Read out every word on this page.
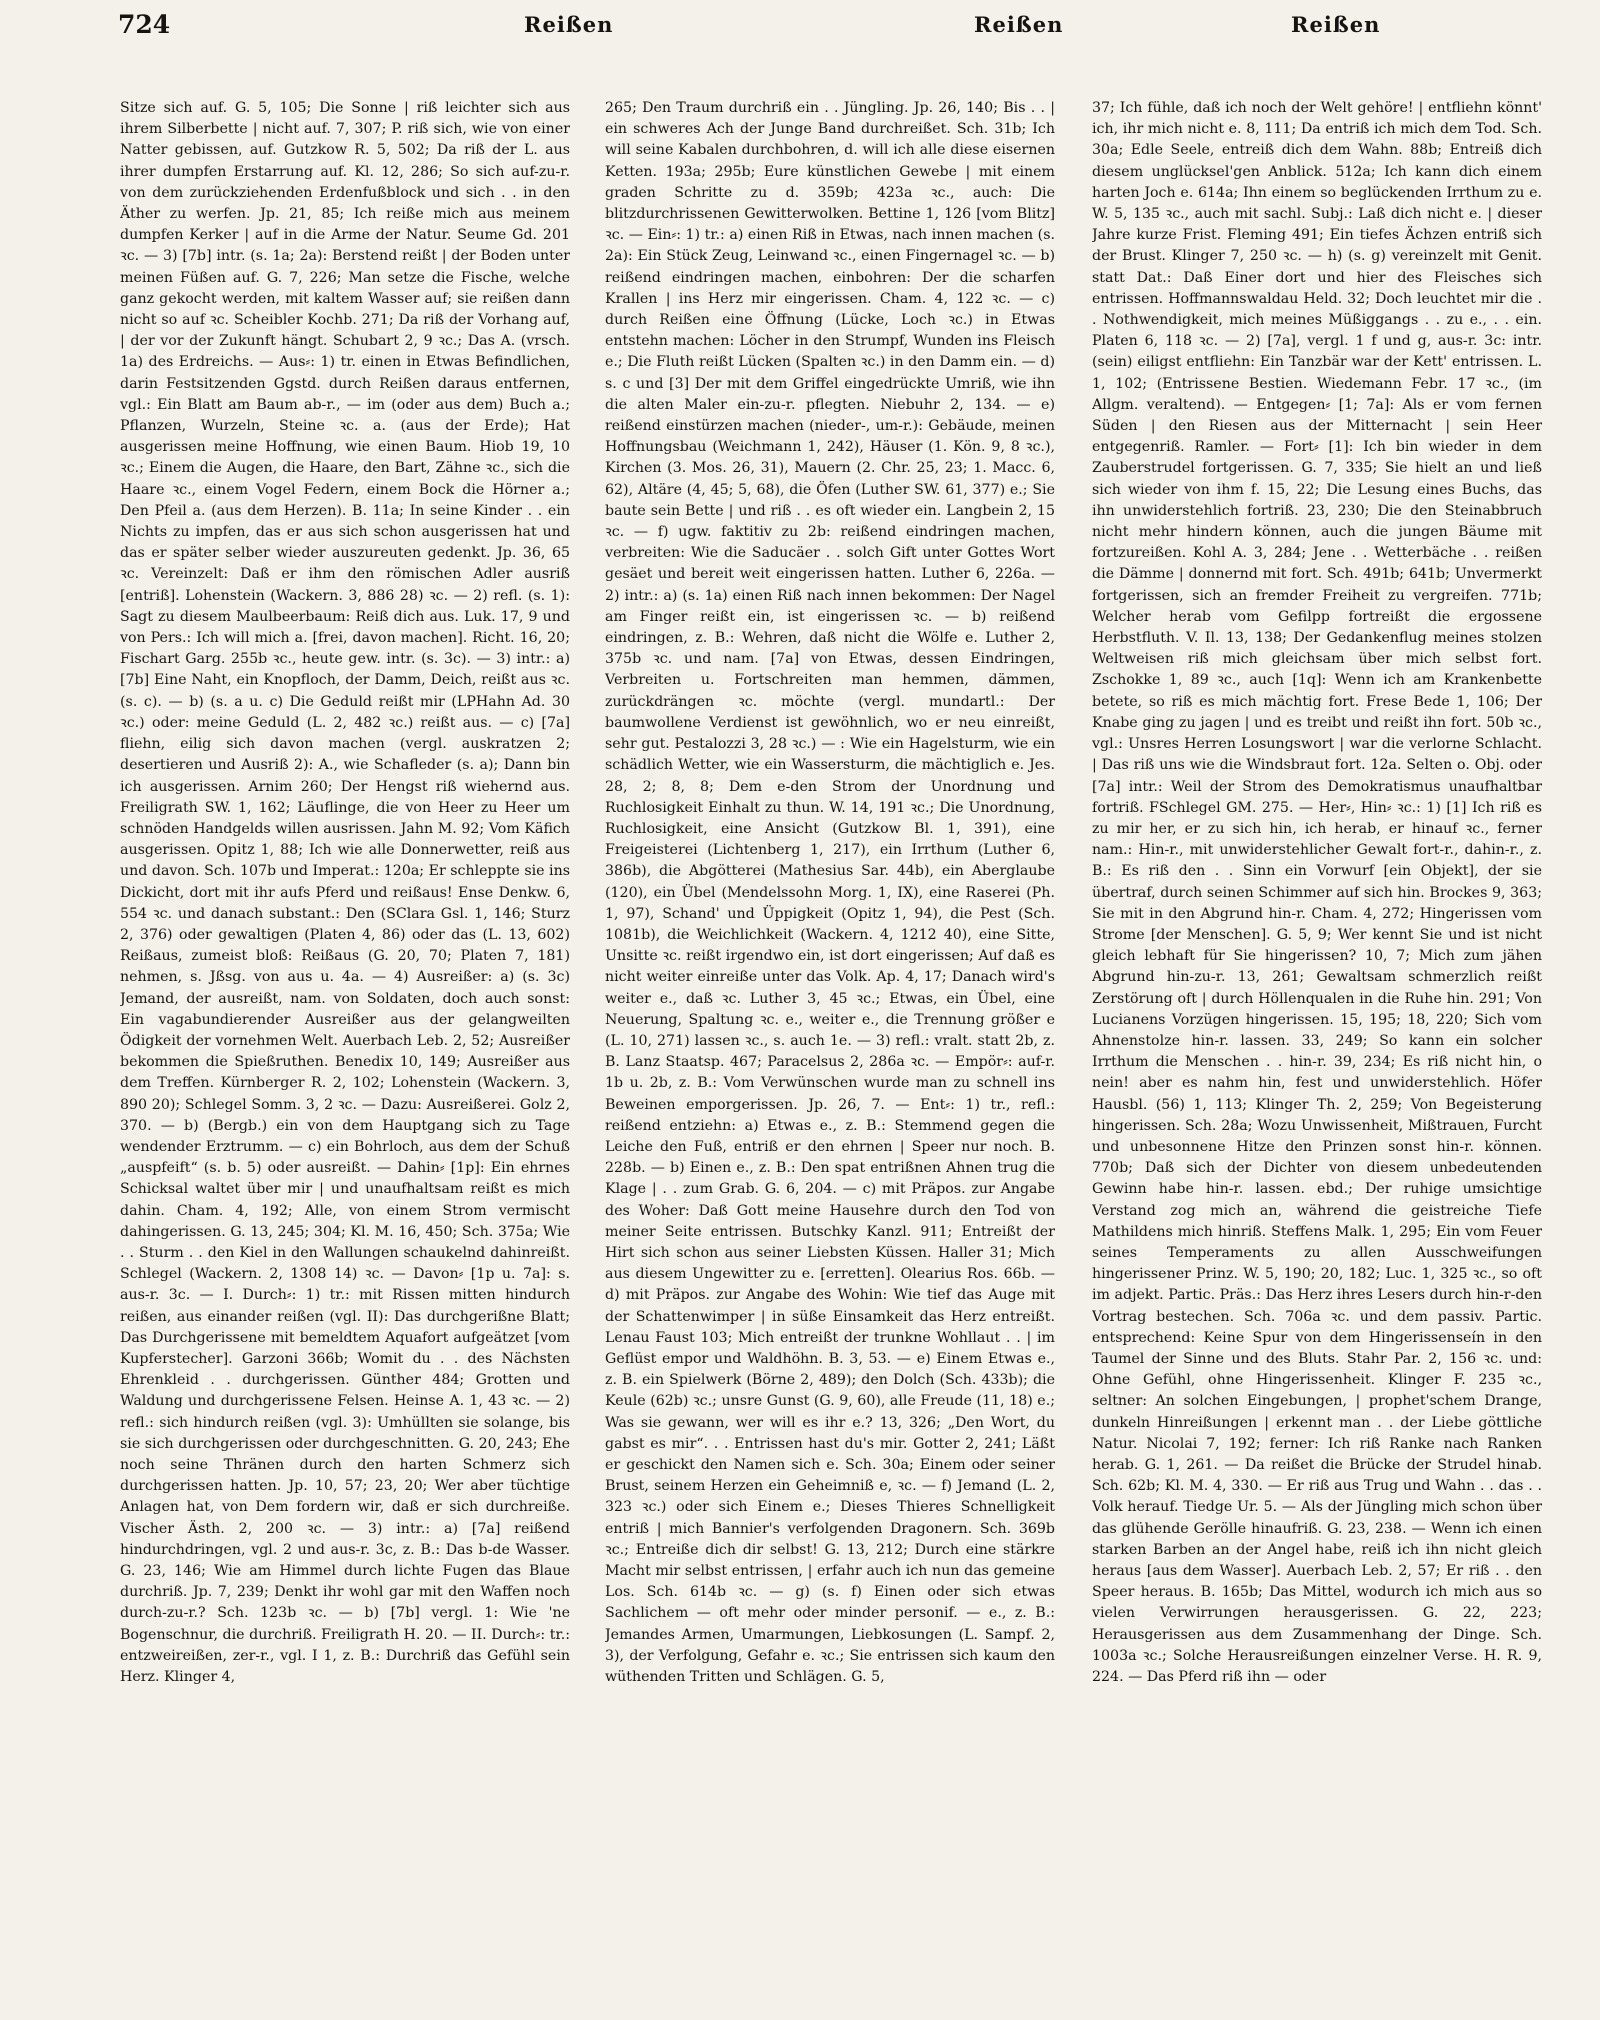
724	Reißen	Reißen	Reißen

Sitze sich auf. G. 5, 105; Die Sonne | riß leichter sich aus ihrem Silberbette | nicht auf. 7, 307; P. riß sich, wie von einer Natter gebissen, auf. Gutzkow R. 5, 502; Da riß der L. aus ihrer dumpfen Erstarrung auf. Kl. 12, 286; So sich auf-zu-r. von dem zurückziehenden Erdenfußblock und sich . . in den Äther zu werfen. Jp. 21, 85; Ich reiße mich aus meinem dumpfen Kerker | auf in die Arme der Natur. Seume Gd. 201 ꝛc. — 3) [7b] intr. (s. 1a; 2a): Berstend reißt | der Boden unter meinen Füßen auf. G. 7, 226; Man setze die Fische, welche ganz gekocht werden, mit kaltem Wasser auf; sie reißen dann nicht so auf ꝛc. Scheibler Kochb. 271; Da riß der Vorhang auf, | der vor der Zukunft hängt. Schubart 2, 9 ꝛc.; Das A. (vrsch. 1a) des Erdreichs. — Aus⸗: 1) tr. einen in Etwas Befindlichen, darin Festsitzenden Ggstd. durch Reißen daraus entfernen, vgl.: Ein Blatt am Baum ab-r., — im (oder aus dem) Buch a.; Pflanzen, Wurzeln, Steine ꝛc. a. (aus der Erde); Hat ausgerissen meine Hoffnung, wie einen Baum. Hiob 19, 10 ꝛc.; Einem die Augen, die Haare, den Bart, Zähne ꝛc., sich die Haare ꝛc., einem Vogel Federn, einem Bock die Hörner a.; Den Pfeil a. (aus dem Herzen). B. 11a; In seine Kinder . . ein Nichts zu impfen, das er aus sich schon ausgerissen hat und das er später selber wieder auszureuten gedenkt. Jp. 36, 65 ꝛc. Vereinzelt: Daß er ihm den römischen Adler ausriß [entriß]. Lohenstein (Wackern. 3, 886 28) ꝛc. — 2) refl. (s. 1): Sagt zu diesem Maulbeerbaum: Reiß dich aus. Luk. 17, 9 und von Pers.: Ich will mich a. [frei, davon machen]. Richt. 16, 20; Fischart Garg. 255b ꝛc., heute gew. intr. (s. 3c). — 3) intr.: a) [7b] Eine Naht, ein Knopfloch, der Damm, Deich, reißt aus ꝛc. (s. c). — b) (s. a u. c) Die Geduld reißt mir (LPHahn Ad. 30 ꝛc.) oder: meine Geduld (L. 2, 482 ꝛc.) reißt aus. — c) [7a] fliehn, eilig sich davon machen (vergl. auskratzen 2; desertieren und Ausriß 2): A., wie Schafleder (s. a); Dann bin ich ausgerissen. Arnim 260; Der Hengst riß wiehernd aus. Freiligrath SW. 1, 162; Läuflinge, die von Heer zu Heer um schnöden Handgelds willen ausrissen. Jahn M. 92; Vom Käfich ausgerissen. Opitz 1, 88; Ich wie alle Donnerwetter, reiß aus und davon. Sch. 107b und Imperat.: 120a; Er schleppte sie ins Dickicht, dort mit ihr aufs Pferd und reißaus! Ense Denkw. 6, 554 ꝛc. und danach substant.: Den (SClara Gsl. 1, 146; Sturz 2, 376) oder gewaltigen (Platen 4, 86) oder das (L. 13, 602) Reißaus, zumeist bloß: Reißaus (G. 20, 70; Platen 7, 181) nehmen, s. Jßsg. von aus u. 4a. — 4) Ausreißer: a) (s. 3c) Jemand, der ausreißt, nam. von Soldaten, doch auch sonst: Ein vagabundierender Ausreißer aus der gelangweilten Ödigkeit der vornehmen Welt. Auerbach Leb. 2, 52; Ausreißer bekommen die Spießruthen. Benedix 10, 149; Ausreißer aus dem Treffen. Kürnberger R. 2, 102; Lohenstein (Wackern. 3, 890 20); Schlegel Somm. 3, 2 ꝛc. — Dazu: Ausreißerei. Golz 2, 370. — b) (Bergb.) ein von dem Hauptgang sich zu Tage wendender Erztrumm. — c) ein Bohrloch, aus dem der Schuß „auspfeift“ (s. b. 5) oder ausreißt. — Dahin⸗ [1p]: Ein ehrnes Schicksal waltet über mir | und unaufhaltsam reißt es mich dahin. Cham. 4, 192; Alle, von einem Strom vermischt dahingerissen. G. 13, 245; 304; Kl. M. 16, 450; Sch. 375a; Wie . . Sturm . . den Kiel in den Wallungen schaukelnd dahinreißt. Schlegel (Wackern. 2, 1308 14) ꝛc. — Davon⸗ [1p u. 7a]: s. aus-r. 3c. — I. Durch⸗: 1) tr.: mit Rissen mitten hindurch reißen, aus einander reißen (vgl. II): Das durchgerißne Blatt; Das Durchgerissene mit bemeldtem Aquafort aufgeätzet [vom Kupferstecher]. Garzoni 366b; Womit du . . des Nächsten Ehrenkleid . . durchgerissen. Günther 484; Grotten und Waldung und durchgerissene Felsen. Heinse A. 1, 43 ꝛc. — 2) refl.: sich hindurch reißen (vgl. 3): Umhüllten sie solange, bis sie sich durchgerissen oder durchgeschnitten. G. 20, 243; Ehe noch seine Thränen durch den harten Schmerz sich durchgerissen hatten. Jp. 10, 57; 23, 20; Wer aber tüchtige Anlagen hat, von Dem fordern wir, daß er sich durchreiße. Vischer Ästh. 2, 200 ꝛc. — 3) intr.: a) [7a] reißend hindurchdringen, vgl. 2 und aus-r. 3c, z. B.: Das b-de Wasser. G. 23, 146; Wie am Himmel durch lichte Fugen das Blaue durchriß. Jp. 7, 239; Denkt ihr wohl gar mit den Waffen noch durch-zu-r.? Sch. 123b ꝛc. — b) [7b] vergl. 1: Wie 'ne Bogenschnur, die durchriß. Freiligrath H. 20. — II. Durch⸗: tr.: entzweireißen, zer-r., vgl. I 1, z. B.: Durchriß das Gefühl sein Herz. Klinger 4,

265; Den Traum durchriß ein . . Jüngling. Jp. 26, 140; Bis . . | ein schweres Ach der Junge Band durchreißet. Sch. 31b; Ich will seine Kabalen durchbohren, d. will ich alle diese eisernen Ketten. 193a; 295b; Eure künstlichen Gewebe | mit einem graden Schritte zu d. 359b; 423a ꝛc., auch: Die blitzdurchrissenen Gewitterwolken. Bettine 1, 126 [vom Blitz] ꝛc. — Ein⸗: 1) tr.: a) einen Riß in Etwas, nach innen machen (s. 2a): Ein Stück Zeug, Leinwand ꝛc., einen Fingernagel ꝛc. — b) reißend eindringen machen, einbohren: Der die scharfen Krallen | ins Herz mir eingerissen. Cham. 4, 122 ꝛc. — c) durch Reißen eine Öffnung (Lücke, Loch ꝛc.) in Etwas entstehn machen: Löcher in den Strumpf, Wunden ins Fleisch e.; Die Fluth reißt Lücken (Spalten ꝛc.) in den Damm ein. — d) s. c und [3] Der mit dem Griffel eingedrückte Umriß, wie ihn die alten Maler ein-zu-r. pflegten. Niebuhr 2, 134. — e) reißend einstürzen machen (nieder-, um-r.): Gebäude, meinen Hoffnungsbau (Weichmann 1, 242), Häuser (1. Kön. 9, 8 ꝛc.), Kirchen (3. Mos. 26, 31), Mauern (2. Chr. 25, 23; 1. Macc. 6, 62), Altäre (4, 45; 5, 68), die Öfen (Luther SW. 61, 377) e.; Sie baute sein Bette | und riß . . es oft wieder ein. Langbein 2, 15 ꝛc. — f) ugw. faktitiv zu 2b: reißend eindringen machen, verbreiten: Wie die Saducäer . . solch Gift unter Gottes Wort gesäet und bereit weit eingerissen hatten. Luther 6, 226a. — 2) intr.: a) (s. 1a) einen Riß nach innen bekommen: Der Nagel am Finger reißt ein, ist eingerissen ꝛc. — b) reißend eindringen, z. B.: Wehren, daß nicht die Wölfe e. Luther 2, 375b ꝛc. und nam. [7a] von Etwas, dessen Eindringen, Verbreiten u. Fortschreiten man hemmen, dämmen, zurückdrängen ꝛc. möchte (vergl. mundartl.: Der baumwollene Verdienst ist gewöhnlich, wo er neu einreißt, sehr gut. Pestalozzi 3, 28 ꝛc.) — : Wie ein Hagelsturm, wie ein schädlich Wetter, wie ein Wassersturm, die mächtiglich e. Jes. 28, 2; 8, 8; Dem e-den Strom der Unordnung und Ruchlosigkeit Einhalt zu thun. W. 14, 191 ꝛc.; Die Unordnung, Ruchlosigkeit, eine Ansicht (Gutzkow Bl. 1, 391), eine Freigeisterei (Lichtenberg 1, 217), ein Irrthum (Luther 6, 386b), die Abgötterei (Mathesius Sar. 44b), ein Aberglaube (120), ein Übel (Mendelssohn Morg. 1, IX), eine Raserei (Ph. 1, 97), Schand' und Üppigkeit (Opitz 1, 94), die Pest (Sch. 1081b), die Weichlichkeit (Wackern. 4, 1212 40), eine Sitte, Unsitte ꝛc. reißt irgendwo ein, ist dort eingerissen; Auf daß es nicht weiter einreiße unter das Volk. Ap. 4, 17; Danach wird's weiter e., daß ꝛc. Luther 3, 45 ꝛc.; Etwas, ein Übel, eine Neuerung, Spaltung ꝛc. e., weiter e., die Trennung größer e (L. 10, 271) lassen ꝛc., s. auch 1e. — 3) refl.: vralt. statt 2b, z. B. Lanz Staatsp. 467; Paracelsus 2, 286a ꝛc. — Empör⸗: auf-r. 1b u. 2b, z. B.: Vom Verwünschen wurde man zu schnell ins Beweinen emporgerissen. Jp. 26, 7. — Ent⸗: 1) tr., refl.: reißend entziehn: a) Etwas e., z. B.: Stemmend gegen die Leiche den Fuß, entriß er den ehrnen | Speer nur noch. B. 228b. — b) Einen e., z. B.: Den spat entrißnen Ahnen trug die Klage | . . zum Grab. G. 6, 204. — c) mit Präpos. zur Angabe des Woher: Daß Gott meine Hausehre durch den Tod von meiner Seite entrissen. Butschky Kanzl. 911; Entreißt der Hirt sich schon aus seiner Liebsten Küssen. Haller 31; Mich aus diesem Ungewitter zu e. [erretten]. Olearius Ros. 66b. — d) mit Präpos. zur Angabe des Wohin: Wie tief das Auge mit der Schattenwimper | in süße Einsamkeit das Herz entreißt. Lenau Faust 103; Mich entreißt der trunkne Wohllaut . . | im Geflüst empor und Waldhöhn. B. 3, 53. — e) Einem Etwas e., z. B. ein Spielwerk (Börne 2, 489); den Dolch (Sch. 433b); die Keule (62b) ꝛc.; unsre Gunst (G. 9, 60), alle Freude (11, 18) e.; Was sie gewann, wer will es ihr e.? 13, 326; „Den Wort, du gabst es mir“. . . Entrissen hast du's mir. Gotter 2, 241; Läßt er geschickt den Namen sich e. Sch. 30a; Einem oder seiner Brust, seinem Herzen ein Geheimniß e, ꝛc. — f) Jemand (L. 2, 323 ꝛc.) oder sich Einem e.; Dieses Thieres Schnelligkeit entriß | mich Bannier's verfolgenden Dragonern. Sch. 369b ꝛc.; Entreiße dich dir selbst! G. 13, 212; Durch eine stärkre Macht mir selbst entrissen, | erfahr auch ich nun das gemeine Los. Sch. 614b ꝛc. — g) (s. f) Einen oder sich etwas Sachlichem — oft mehr oder minder personif. — e., z. B.: Jemandes Armen, Umarmungen, Liebkosungen (L. Sampf. 2, 3), der Verfolgung, Gefahr e. ꝛc.; Sie entrissen sich kaum den wüthenden Tritten und Schlägen. G. 5,

37; Ich fühle, daß ich noch der Welt gehöre! | entfliehn könnt' ich, ihr mich nicht e. 8, 111; Da entriß ich mich dem Tod. Sch. 30a; Edle Seele, entreiß dich dem Wahn. 88b; Entreiß dich diesem unglücksel'gen Anblick. 512a; Ich kann dich einem harten Joch e. 614a; Ihn einem so beglückenden Irrthum zu e. W. 5, 135 ꝛc., auch mit sachl. Subj.: Laß dich nicht e. | dieser Jahre kurze Frist. Fleming 491; Ein tiefes Ächzen entriß sich der Brust. Klinger 7, 250 ꝛc. — h) (s. g) vereinzelt mit Genit. statt Dat.: Daß Einer dort und hier des Fleisches sich entrissen. Hoffmannswaldau Held. 32; Doch leuchtet mir die . . Nothwendigkeit, mich meines Müßiggangs . . zu e., . . ein. Platen 6, 118 ꝛc. — 2) [7a], vergl. 1 f und g, aus-r. 3c: intr. (sein) eiligst entfliehn: Ein Tanzbär war der Kett' entrissen. L. 1, 102; (Entrissene Bestien. Wiedemann Febr. 17 ꝛc., (im Allgm. veraltend). — Entgegen⸗ [1; 7a]: Als er vom fernen Süden | den Riesen aus der Mitternacht | sein Heer entgegenriß. Ramler. — Fort⸗ [1]: Ich bin wieder in dem Zauberstrudel fortgerissen. G. 7, 335; Sie hielt an und ließ sich wieder von ihm f. 15, 22; Die Lesung eines Buchs, das ihn unwiderstehlich fortriß. 23, 230; Die den Steinabbruch nicht mehr hindern können, auch die jungen Bäume mit fortzureißen. Kohl A. 3, 284; Jene . . Wetterbäche . . reißen die Dämme | donnernd mit fort. Sch. 491b; 641b; Unvermerkt fortgerissen, sich an fremder Freiheit zu vergreifen. 771b; Welcher herab vom Gefilpp fortreißt die ergossene Herbstfluth. V. Il. 13, 138; Der Gedankenflug meines stolzen Weltweisen riß mich gleichsam über mich selbst fort. Zschokke 1, 89 ꝛc., auch [1q]: Wenn ich am Krankenbette betete, so riß es mich mächtig fort. Frese Bede 1, 106; Der Knabe ging zu jagen | und es treibt und reißt ihn fort. 50b ꝛc., vgl.: Unsres Herren Losungswort | war die verlorne Schlacht. | Das riß uns wie die Windsbraut fort. 12a. Selten o. Obj. oder [7a] intr.: Weil der Strom des Demokratismus unaufhaltbar fortriß. FSchlegel GM. 275. — Her⸗, Hin⸗ ꝛc.: 1) [1] Ich riß es zu mir her, er zu sich hin, ich herab, er hinauf ꝛc., ferner nam.: Hin-r., mit unwiderstehlicher Gewalt fort-r., dahin-r., z. B.: Es riß den . . Sinn ein Vorwurf [ein Objekt], der sie übertraf, durch seinen Schimmer auf sich hin. Brockes 9, 363; Sie mit in den Abgrund hin-r. Cham. 4, 272; Hingerissen vom Strome [der Menschen]. G. 5, 9; Wer kennt Sie und ist nicht gleich lebhaft für Sie hingerissen? 10, 7; Mich zum jähen Abgrund hin-zu-r. 13, 261; Gewaltsam schmerzlich reißt Zerstörung oft | durch Höllenqualen in die Ruhe hin. 291; Von Lucianens Vorzügen hingerissen. 15, 195; 18, 220; Sich vom Ahnenstolze hin-r. lassen. 33, 249; So kann ein solcher Irrthum die Menschen . . hin-r. 39, 234; Es riß nicht hin, o nein! aber es nahm hin, fest und unwiderstehlich. Höfer Hausbl. (56) 1, 113; Klinger Th. 2, 259; Von Begeisterung hingerissen. Sch. 28a; Wozu Unwissenheit, Mißtrauen, Furcht und unbesonnene Hitze den Prinzen sonst hin-r. können. 770b; Daß sich der Dichter von diesem unbedeutenden Gewinn habe hin-r. lassen. ebd.; Der ruhige umsichtige Verstand zog mich an, während die geistreiche Tiefe Mathildens mich hinriß. Steffens Malk. 1, 295; Ein vom Feuer seines Temperaments zu allen Ausschweifungen hingerissener Prinz. W. 5, 190; 20, 182; Luc. 1, 325 ꝛc., so oft im adjekt. Partic. Präs.: Das Herz ihres Lesers durch hin-r-den Vortrag bestechen. Sch. 706a ꝛc. und dem passiv. Partic. entsprechend: Keine Spur von dem Hingerissenseín in den Taumel der Sinne und des Bluts. Stahr Par. 2, 156 ꝛc. und: Ohne Gefühl, ohne Hingerissenheit. Klinger F. 235 ꝛc., seltner: An solchen Eingebungen, | prophet'schem Drange, dunkeln Hinreißungen | erkennt man . . der Liebe göttliche Natur. Nicolai 7, 192; ferner: Ich riß Ranke nach Ranken herab. G. 1, 261. — Da reißet die Brücke der Strudel hinab. Sch. 62b; Kl. M. 4, 330. — Er riß aus Trug und Wahn . . das . . Volk herauf. Tiedge Ur. 5. — Als der Jüngling mich schon über das glühende Gerölle hinaufriß. G. 23, 238. — Wenn ich einen starken Barben an der Angel habe, reiß ich ihn nicht gleich heraus [aus dem Wasser]. Auerbach Leb. 2, 57; Er riß . . den Speer heraus. B. 165b; Das Mittel, wodurch ich mich aus so vielen Verwirrungen herausgerissen. G. 22, 223; Herausgerissen aus dem Zusammenhang der Dinge. Sch. 1003a ꝛc.; Solche Herausreißungen einzelner Verse. H. R. 9, 224. — Das Pferd riß ihn — oder
